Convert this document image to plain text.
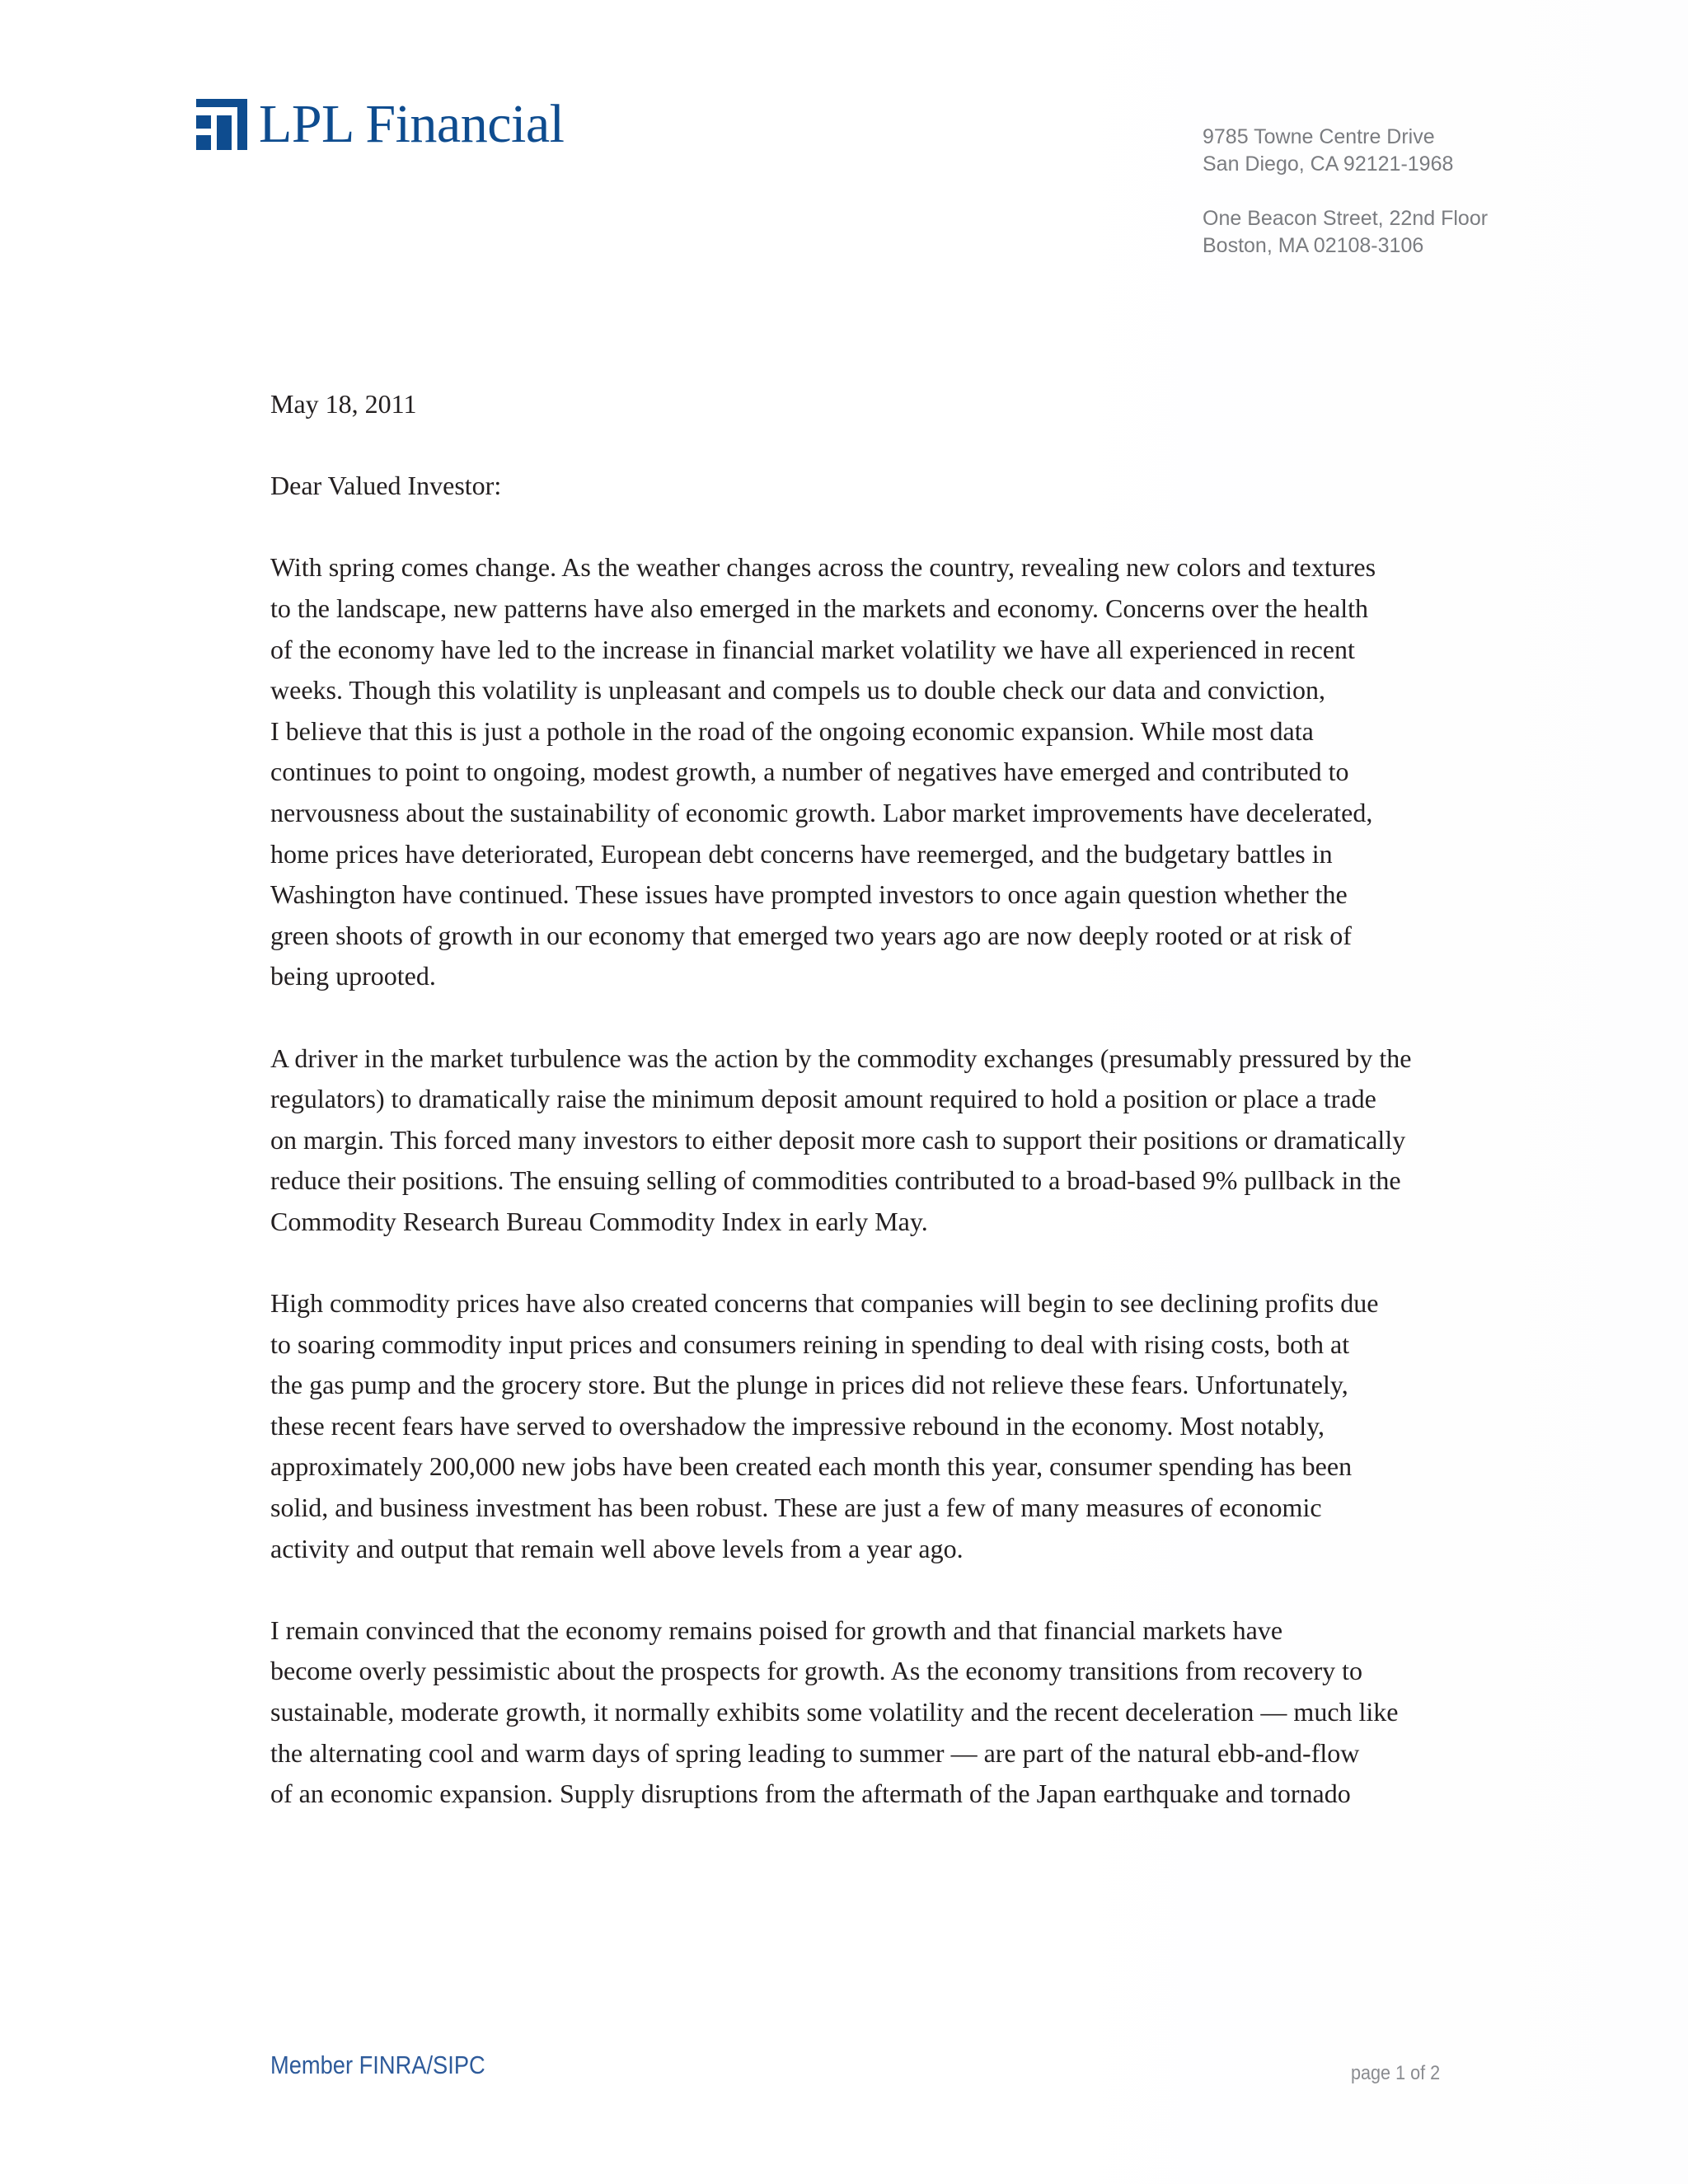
LPL Financial	9785 Towne Centre Drive
San Diego, CA 92121-1968
One Beacon Street, 22nd Floor
Boston, MA 02108-3106
May 18, 2011
Dear Valued Investor:
With spring comes change. As the weather changes across the country, revealing new colors and textures
to the landscape, new patterns have also emerged in the markets and economy. Concerns over the health
of the economy have led to the increase in financial market volatility we have all experienced in recent
weeks. Though this volatility is unpleasant and compels us to double check our data and conviction,
I believe that this is just a pothole in the road of the ongoing economic expansion. While most data
continues to point to ongoing, modest growth, a number of negatives have emerged and contributed to
nervousness about the sustainability of economic growth. Labor market improvements have decelerated,
home prices have deteriorated, European debt concerns have reemerged, and the budgetary battles in
Washington have continued. These issues have prompted investors to once again question whether the
green shoots of growth in our economy that emerged two years ago are now deeply rooted or at risk of
being uprooted.
A driver in the market turbulence was the action by the commodity exchanges (presumably pressured by the
regulators) to dramatically raise the minimum deposit amount required to hold a position or place a trade
on margin. This forced many investors to either deposit more cash to support their positions or dramatically
reduce their positions. The ensuing selling of commodities contributed to a broad-based 9% pullback in the
Commodity Research Bureau Commodity Index in early May.
High commodity prices have also created concerns that companies will begin to see declining profits due
to soaring commodity input prices and consumers reining in spending to deal with rising costs, both at
the gas pump and the grocery store. But the plunge in prices did not relieve these fears. Unfortunately,
these recent fears have served to overshadow the impressive rebound in the economy. Most notably,
approximately 200,000 new jobs have been created each month this year, consumer spending has been
solid, and business investment has been robust. These are just a few of many measures of economic
activity and output that remain well above levels from a year ago.
I remain convinced that the economy remains poised for growth and that financial markets have
become overly pessimistic about the prospects for growth. As the economy transitions from recovery to
sustainable, moderate growth, it normally exhibits some volatility and the recent deceleration — much like
the alternating cool and warm days of spring leading to summer — are part of the natural ebb-and-flow
of an economic expansion. Supply disruptions from the aftermath of the Japan earthquake and tornado
Member FINRA/SIPC	page 1 of 2
